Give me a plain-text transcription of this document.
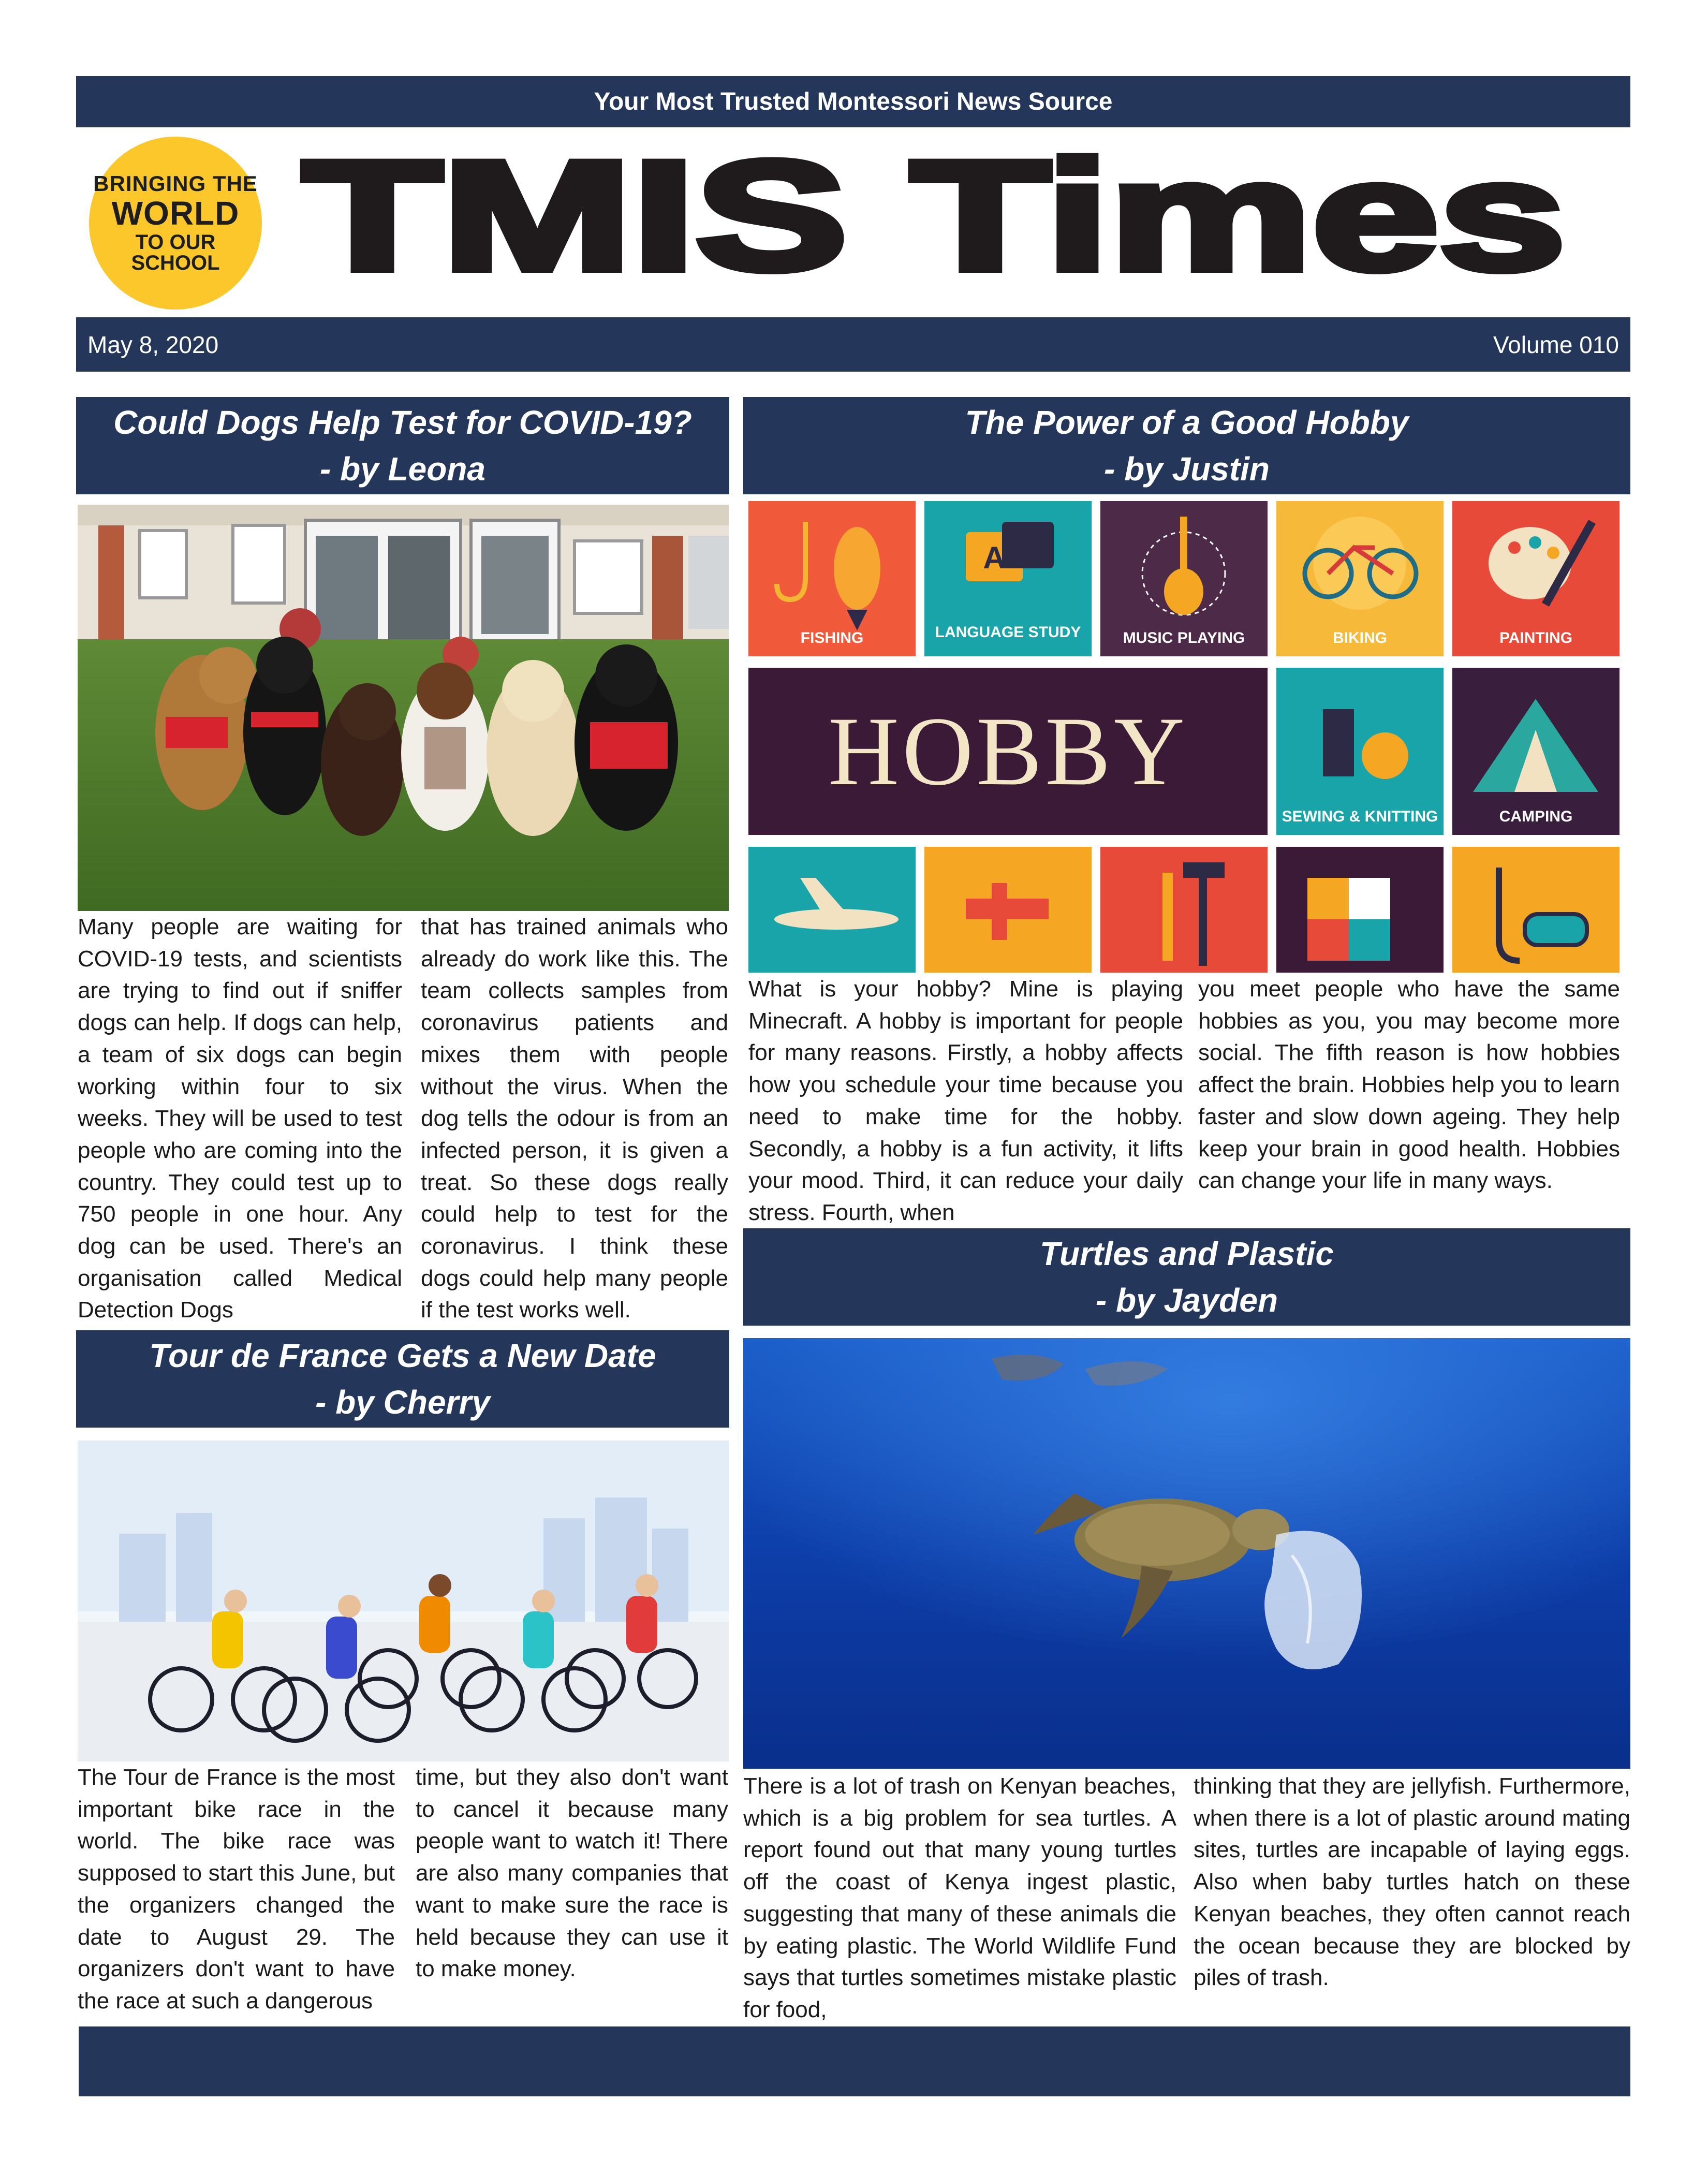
Your Most Trusted Montessori News Source
BRINGING THE
WORLD
TO OUR SCHOOL TMIS Times
May 8, 2020	Volume 010
Could Dogs Help Test for COVID-19?
- by Leona
Many people are waiting for COVID-19 tests, and scientists are trying to find out if sniffer dogs can help. If dogs can help, a team of six dogs can begin working within four to six weeks. They will be used to test people who are coming into the country. They could test up to 750 people in one hour. Any dog can be used. There's an organisation called Medical Detection Dogs
that has trained animals who already do work like this. The team collects samples from coronavirus patients and mixes them with people without the virus. When the dog tells the odour is from an infected person, it is given a treat. So these dogs really could help to test for the coronavirus. I think these dogs could help many people if the test works well.
The Power of a Good Hobby
- by Justin
FISHING
A
LANGUAGE STUDY	MUSIC PLAYING	BIKING	PAINTING
HOBBY
SEWING & KNITTING	CAMPING
What is your hobby? Mine is playing Minecraft. A hobby is important for people for many reasons. Firstly, a hobby affects how you schedule your time because you need to make time for the hobby. Secondly, a hobby is a fun activity, it lifts your mood. Third, it can reduce your daily stress. Fourth, when
you meet people who have the same hobbies as you, you may become more social. The fifth reason is how hobbies affect the brain. Hobbies help you to learn faster and slow down ageing. They help keep your brain in good health. Hobbies can change your life in many ways.
Tour de France Gets a New Date
- by Cherry
The Tour de France is the most important bike race in the world. The bike race was supposed to start this June, but the organizers changed the date to August 29. The organizers don't want to have the race at such a dangerous
time, but they also don't want to cancel it because many people want to watch it! There are also many companies that want to make sure the race is held because they can use it to make money.
Turtles and Plastic
- by Jayden
There is a lot of trash on Kenyan beaches, which is a big problem for sea turtles. A report found out that many young turtles off the coast of Kenya ingest plastic, suggesting that many of these animals die by eating plastic. The World Wildlife Fund says that turtles sometimes mistake plastic for food,
thinking that they are jellyfish. Furthermore, when there is a lot of plastic around mating sites, turtles are incapable of laying eggs. Also when baby turtles hatch on these Kenyan beaches, they often cannot reach the ocean because they are blocked by piles of trash.
